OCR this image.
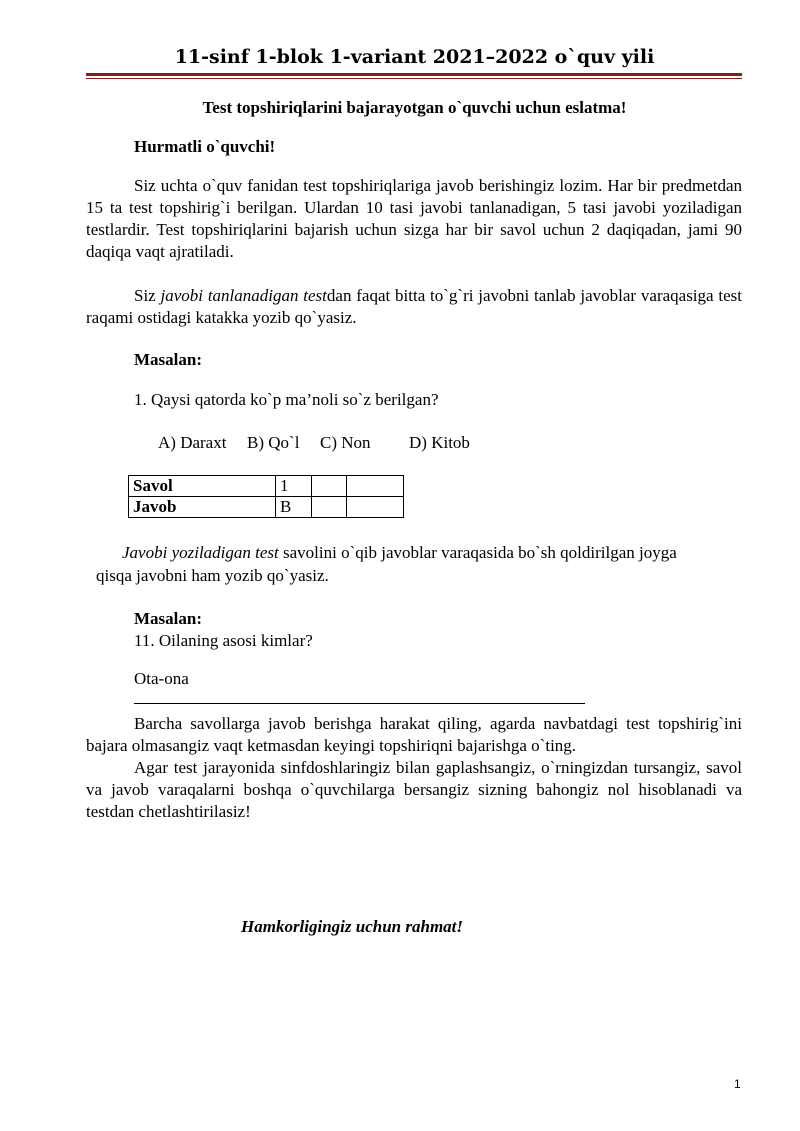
11-sinf 1-blok 1-variant 2021–2022 o`quv yili
Test topshiriqlarini bajarayotgan o`quvchi uchun eslatma!
Hurmatli o`quvchi!

Siz uchta o`quv fanidan test topshiriqlariga javob berishingiz lozim. Har bir predmetdan 15 ta test topshirig`i berilgan. Ulardan 10 tasi javobi tanlanadigan, 5 tasi javobi yoziladigan testlardir. Test topshiriqlarini bajarish uchun sizga har bir savol uchun 2 daqiqadan, jami 90 daqiqa vaqt ajratiladi.

Siz javobi tanlanadigan testdan faqat bitta to`g`ri javobni tanlab javoblar varaqasiga test raqami ostidagi katakka yozib qo`yasiz.

Masalan:
1. Qaysi qatorda ko`p ma’noli so`z berilgan?
A) Daraxt B) Qo`l C) Non D) Kitob
Savol	1		
Javob	B		
Javobi yoziladigan test savolini o`qib javoblar varaqasida bo`sh qoldirilgan joyga
qisqa javobni ham yozib qo`yasiz.
Masalan:
11. Oilaning asosi kimlar?
Ota-ona

Barcha savollarga javob berishga harakat qiling, agarda navbatdagi test topshirig`ini bajara olmasangiz vaqt ketmasdan keyingi topshiriqni bajarishga o`ting.

Agar test jarayonida sinfdoshlaringiz bilan gaplashsangiz, o`rningizdan tursangiz, savol va javob varaqalarni boshqa o`quvchilarga bersangiz sizning bahongiz nol hisoblanadi va testdan chetlashtirilasiz!

Hamkorligingiz uchun rahmat!
1
